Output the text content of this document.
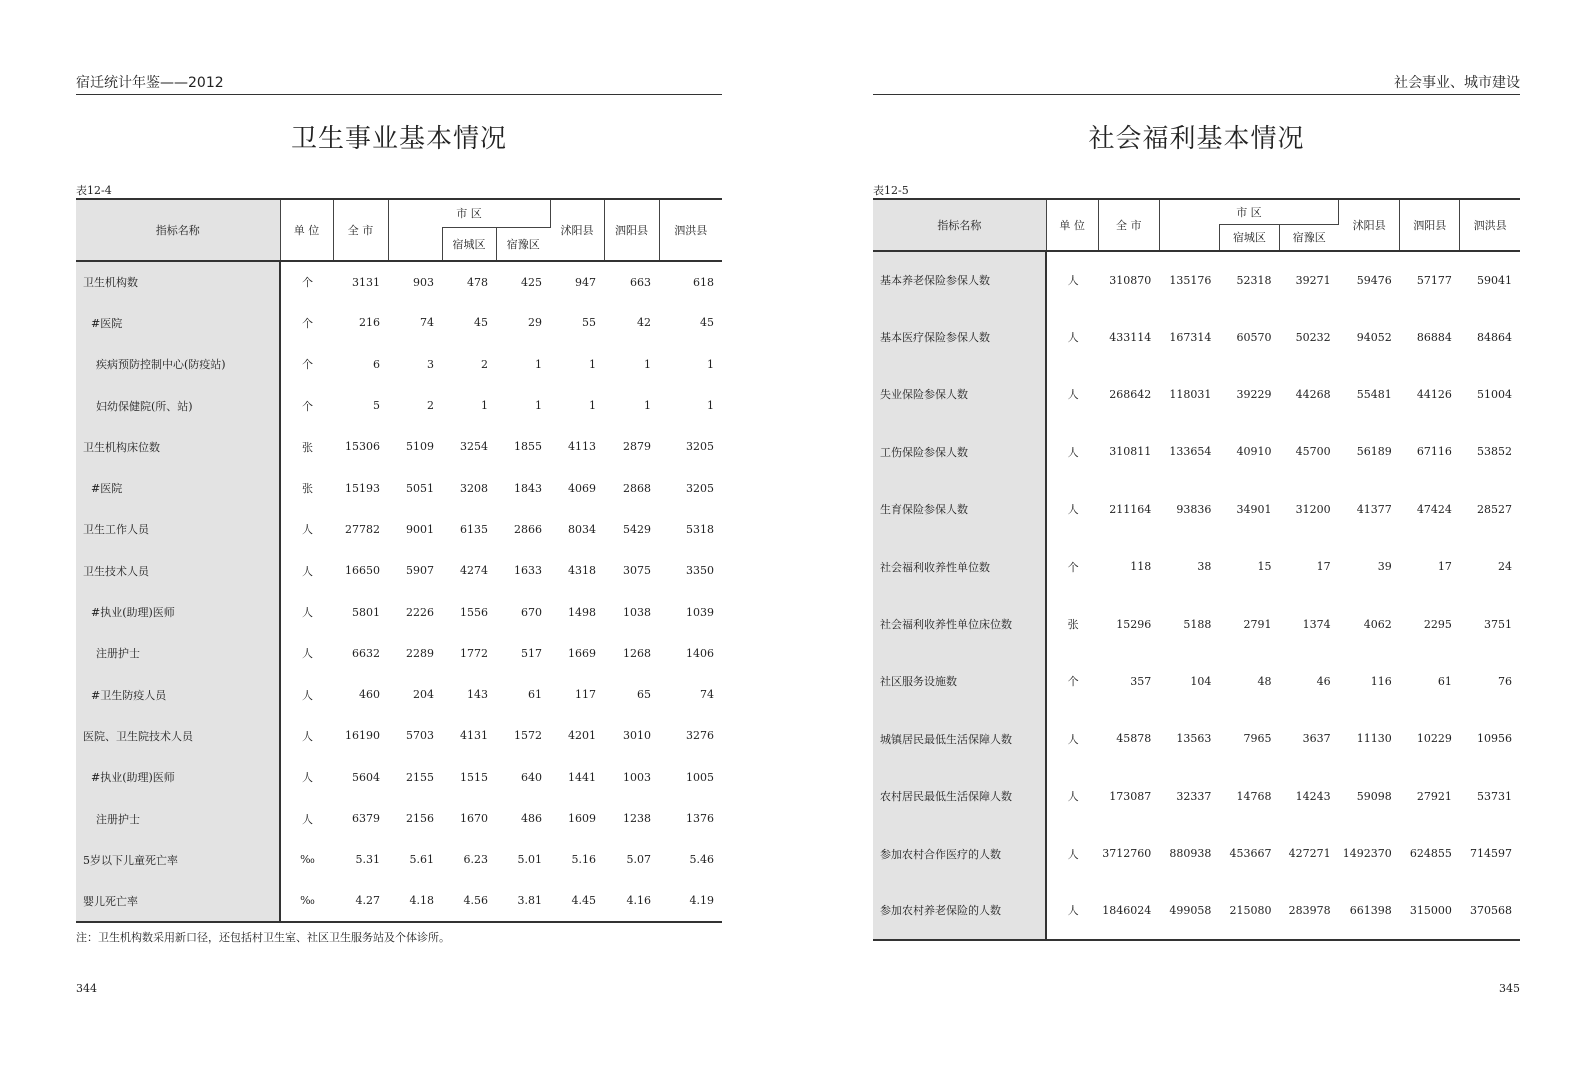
宿迁统计年鉴——2012
卫生事业基本情况
表12-4
指标名称	单 位	全 市	市 区			沭阳县	泗阳县	泗洪县
				宿城区	宿豫区			
卫生机构数	个	3131	903	478	425	947	663	618
#医院	个	216	74	45	29	55	42	45
疾病预防控制中心(防疫站)	个	6	3	2	1	1	1	1
妇幼保健院(所、站)	个	5	2	1	1	1	1	1
卫生机构床位数	张	15306	5109	3254	1855	4113	2879	3205
#医院	张	15193	5051	3208	1843	4069	2868	3205
卫生工作人员	人	27782	9001	6135	2866	8034	5429	5318
卫生技术人员	人	16650	5907	4274	1633	4318	3075	3350
#执业(助理)医师	人	5801	2226	1556	670	1498	1038	1039
注册护士	人	6632	2289	1772	517	1669	1268	1406
#卫生防疫人员	人	460	204	143	61	117	65	74
医院、卫生院技术人员	人	16190	5703	4131	1572	4201	3010	3276
#执业(助理)医师	人	5604	2155	1515	640	1441	1003	1005
注册护士	人	6379	2156	1670	486	1609	1238	1376
5岁以下儿童死亡率	‰	5.31	5.61	6.23	5.01	5.16	5.07	5.46
婴儿死亡率	‰	4.27	4.18	4.56	3.81	4.45	4.16	4.19
注：卫生机构数采用新口径，还包括村卫生室、社区卫生服务站及个体诊所。
344
社会事业、城市建设
社会福利基本情况
表12-5
指标名称	单 位	全 市	市 区			沭阳县	泗阳县	泗洪县
				宿城区	宿豫区			
基本养老保险参保人数	人	310870	135176	52318	39271	59476	57177	59041
基本医疗保险参保人数	人	433114	167314	60570	50232	94052	86884	84864
失业保险参保人数	人	268642	118031	39229	44268	55481	44126	51004
工伤保险参保人数	人	310811	133654	40910	45700	56189	67116	53852
生育保险参保人数	人	211164	93836	34901	31200	41377	47424	28527
社会福利收养性单位数	个	118	38	15	17	39	17	24
社会福利收养性单位床位数	张	15296	5188	2791	1374	4062	2295	3751
社区服务设施数	个	357	104	48	46	116	61	76
城镇居民最低生活保障人数	人	45878	13563	7965	3637	11130	10229	10956
农村居民最低生活保障人数	人	173087	32337	14768	14243	59098	27921	53731
参加农村合作医疗的人数	人	3712760	880938	453667	427271	1492370	624855	714597
参加农村养老保险的人数	人	1846024	499058	215080	283978	661398	315000	370568
345
